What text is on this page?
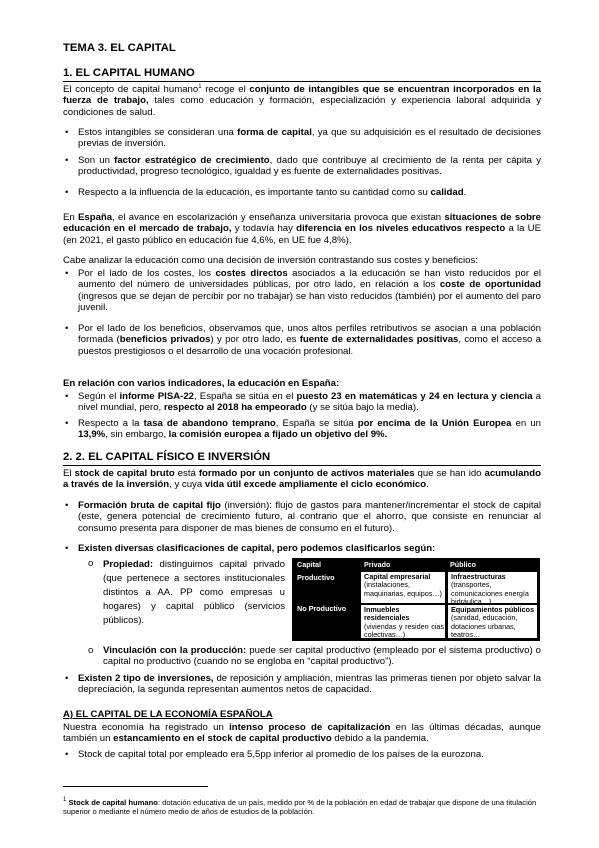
TEMA 3. EL CAPITAL
1. EL CAPITAL HUMANO

El concepto de capital humano$^1$ recoge el conjunto de intangibles que se encuentran incorporados en la fuerza de trabajo, tales como educación y formación, especialización y experiencia laboral adquirida y condiciones de salud.

• Estos intangibles se consideran una forma de capital, ya que su adquisición es el resultado de decisiones previas de inversión.

• Son un factor estratégico de crecimiento, dado que contribuye al crecimiento de la renta per cápita y productividad, progreso tecnológico, igualdad y es fuente de externalidades positivas.

• Respecto a la influencia de la educación, es importante tanto su cantidad como su calidad.

En España, el avance en escolarización y enseñanza universitaria provoca que existan situaciones de sobre educación en el mercado de trabajo, y todavía hay diferencia en los niveles educativos respecto a la UE (en 2021, el gasto público en educación fue 4,6%, en UE fue 4,8%).

Cabe analizar la educación como una decisión de inversión contrastando sus costes y beneficios:

• Por el lado de los costes, los costes directos asociados a la educación se han visto reducidos por el aumento del número de universidades públicas, por otro lado, en relación a los coste de oportunidad (ingresos que se dejan de percibir por no trabajar) se han visto reducidos (también) por el aumento del paro juvenil.

• Por el lado de los beneficios, observamos que, unos altos perfiles retributivos se asocian a una población formada (beneficios privados) y por otro lado, es fuente de externalidades positivas, como el acceso a puestos prestigiosos o el desarrollo de una vocación profesional.

En relación con varios indicadores, la educación en España:

• Según el informe PISA-22, España se sitúa en el puesto 23 en matemáticas y 24 en lectura y ciencia a nivel mundial, pero, respecto al 2018 ha empeorado (y se sitúa bajo la media).

• Respecto a la tasa de abandono temprano, España se sitúa por encima de la Unión Europea en un 13,9%, sin embargo, la comisión europea a fijado un objetivo del 9%.

2. 2. EL CAPITAL FÍSICO E INVERSIÓN

El stock de capital bruto está formado por un conjunto de activos materiales que se han ido acumulando a través de la inversión, y cuya vida útil excede ampliamente el ciclo económico.

• Formación bruta de capital fijo (inversión): flujo de gastos para mantener/incrementar el stock de capital (este, genera potencial de crecimiento futuro, al contrario que el ahorro, que consiste en renunciar al consumo presenta para disponer de mas bienes de consumo en el futuro).

• Existen diversas clasificaciones de capital, pero podemos clasificarlos según:

o Propiedad: distinguimos capital privado (que pertenece a sectores institucionales distintos a AA. PP como empresas u hogares) y capital público (servicios públicos).

Capital	Privado	Público
Productivo
No Productivo
Capital empresarial
(instalaciones, maquinarias, equipos…)
Infraestructuras
(transportes, comunicaciones energía hidráulica…)
Inmuebles residenciales
(viviendas y residen cias colectivas…)
Equipamientos públicos
(sanidad, educación, dotaciones urbanas, teatros…
o Vinculación con la producción: puede ser capital productivo (empleado por el sistema productivo) o capital no productivo (cuando no se engloba en “capital productivo”).

• Existen 2 tipo de inversiones, de reposición y ampliación, mientras las primeras tienen por objeto salvar la depreciación, la segunda representan aumentos netos de capacidad.

A) EL CAPITAL DE LA ECONOMÍA ESPAÑOLA

Nuestra economía ha registrado un intenso proceso de capitalización en las últimas décadas, aunque también un estancamiento en el stock de capital productivo debido a la pandemia.

• Stock de capital total por empleado era 5,5pp inferior al promedio de los países de la eurozona.

$^1$ Stock de capital humano: dotación educativa de un país, medido por % de la población en edad de trabajar que dispone de una titulación superior o mediante el número medio de años de estudios de la población.
